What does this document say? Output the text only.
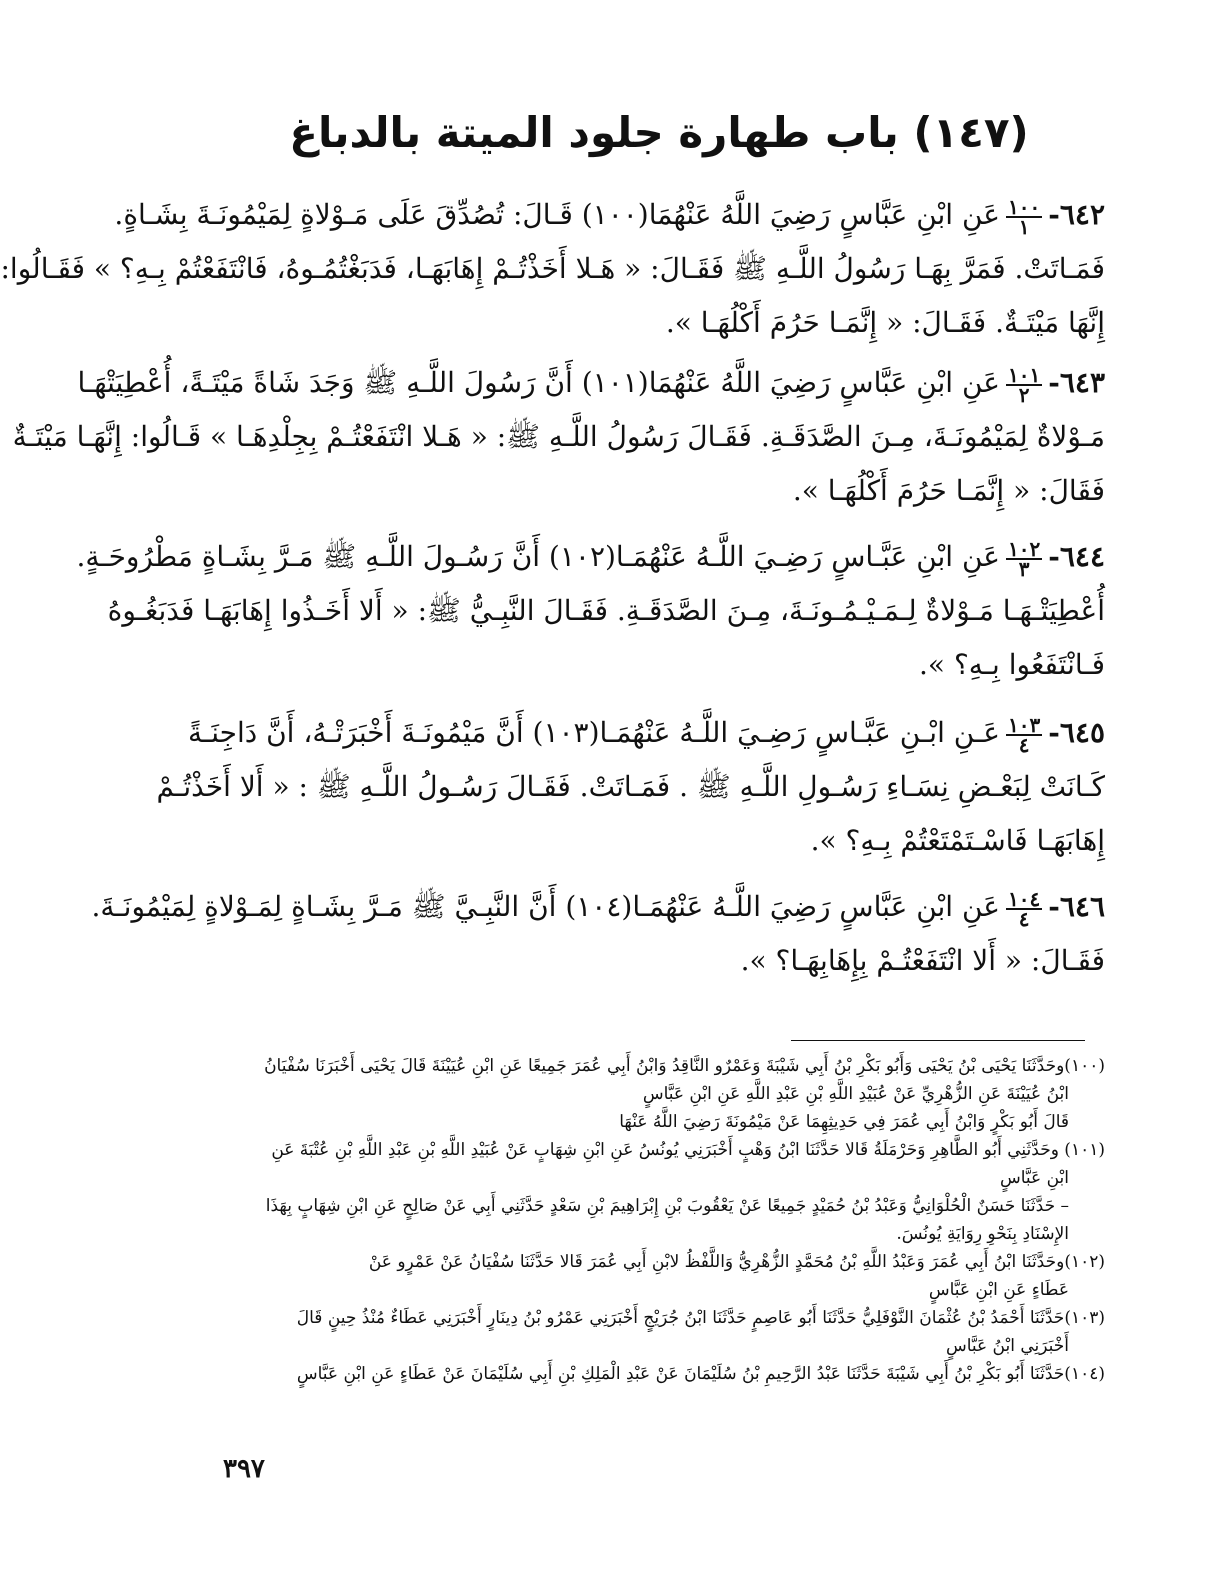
(١٤٧) باب طهارة جلود الميتة بالدباغ
٦٤٢-
$\frac{١٠٠}{١}$
عَنِ ابْنِ عَبَّاسٍ رَضِيَ اللَّهُ عَنْهُمَا(١٠٠) قَـالَ: تُصُدِّقَ عَلَى مَـوْلاةٍ لِمَيْمُونَـةَ بِشَـاةٍ.
فَمَـاتَتْ. فَمَرَّ بِهَـا رَسُولُ اللَّـهِ ﷺ فَقَـالَ: « هَـلا أَخَذْتُـمْ إِهَابَهَـا، فَدَبَغْتُمُـوهُ، فَانْتَفَعْتُمْ بِـهِ؟ » فَقَـالُوا:
إِنَّهَا مَيْتَـةٌ. فَقَـالَ: « إِنَّمَـا حَرُمَ أَكْلُهَـا ».
٦٤٣-
$\frac{١٠١}{٢}$
عَنِ ابْنِ عَبَّاسٍ رَضِيَ اللَّهُ عَنْهُمَا(١٠١) أَنَّ رَسُولَ اللَّـهِ ﷺ وَجَدَ شَاةً مَيْتَـةً، أُعْطِيَتْهَـا
مَـوْلاةٌ لِمَيْمُونَـةَ، مِـنَ الصَّدَقَـةِ. فَقَـالَ رَسُولُ اللَّـهِ ﷺ: « هَـلا انْتَفَعْتُـمْ بِجِلْدِهَـا » قَـالُوا: إِنَّهَـا مَيْتَـةٌ
فَقَالَ: « إِنَّمَـا حَرُمَ أَكْلُهَـا ».
٦٤٤-
$\frac{١٠٢}{٣}$
عَنِ ابْنِ عَبَّـاسٍ رَضِـيَ اللَّـهُ عَنْهُمَـا(١٠٢) أَنَّ رَسُـولَ اللَّـهِ ﷺ مَـرَّ بِشَـاةٍ مَطْرُوحَـةٍ.
أُعْطِيَتْـهَـا مَـوْلاةٌ لِـمَـيْـمُـونَـةَ، مِـنَ الصَّدَقَـةِ. فَقَـالَ النَّبِـيُّ ﷺ: « أَلا أَخَـذُوا إِهَابَهَـا فَدَبَغُـوهُ
فَـانْتَفَعُوا بِـهِ؟ ».
٦٤٥-
$\frac{١٠٣}{٤}$
عَـنِ ابْـنِ عَبَّـاسٍ رَضِـيَ اللَّـهُ عَنْهُمَـا(١٠٣) أَنَّ مَيْمُونَـةَ أَخْبَرَتْـهُ، أَنَّ دَاجِنَـةً
كَـانَتْ لِبَعْـضِ نِسَـاءِ رَسُـولِ اللَّـهِ ﷺ . فَمَـاتَتْ. فَقَـالَ رَسُـولُ اللَّـهِ ﷺ : « أَلا أَخَذْتُـمْ
إِهَابَهَـا فَاسْـتَمْتَعْتُمْ بِـهِ؟ ».
٦٤٦-
$\frac{١٠٤}{٤}$
عَنِ ابْنِ عَبَّاسٍ رَضِيَ اللَّـهُ عَنْهُمَـا(١٠٤) أَنَّ النَّبِـيَّ ﷺ مَـرَّ بِشَـاةٍ لِمَـوْلاةٍ لِمَيْمُونَـةَ.
فَقَـالَ: « أَلا انْتَفَعْتُـمْ بِإِهَابِهَـا؟ ».
(١٠٠)وحَدَّثَنَا يَحْيَى بْنُ يَحْيَى وَأَبُو بَكْرِ بْنُ أَبِي شَيْبَةَ وَعَمْرٌو النَّاقِدُ وَابْنُ أَبِي عُمَرَ جَمِيعًا عَنِ ابْنِ عُيَيْنَةَ قَالَ يَحْيَى أَخْبَرَنَا سُفْيَانُ
ابْنُ عُيَيْنَةَ عَنِ الزُّهْرِيِّ عَنْ عُبَيْدِ اللَّهِ بْنِ عَبْدِ اللَّهِ عَنِ ابْنِ عَبَّاسٍ
قَالَ أَبُو بَكْرٍ وَابْنُ أَبِي عُمَرَ فِي حَدِيثِهِمَا عَنْ مَيْمُونَةَ رَضِيَ اللَّهُ عَنْهَا
(١٠١) وحَدَّثَنِي أَبُو الطَّاهِرِ وَحَرْمَلَةُ قَالا حَدَّثَنَا ابْنُ وَهْبٍ أَخْبَرَنِي يُونُسُ عَنِ ابْنِ شِهَابٍ عَنْ عُبَيْدِ اللَّهِ بْنِ عَبْدِ اللَّهِ بْنِ عُتْبَةَ عَنِ
ابْنِ عَبَّاسٍ
– حَدَّثَنَا حَسَنٌ الْحُلْوَانِيُّ وَعَبْدُ بْنُ حُمَيْدٍ جَمِيعًا عَنْ يَعْقُوبَ بْنِ إِبْرَاهِيمَ بْنِ سَعْدٍ حَدَّثَنِي أَبِي عَنْ صَالِحٍ عَنِ ابْنِ شِهَابٍ بِهَذَا
الإِسْنَادِ بِنَحْوِ رِوَايَةِ يُونُسَ.
(١٠٢)وحَدَّثَنَا ابْنُ أَبِي عُمَرَ وَعَبْدُ اللَّهِ بْنُ مُحَمَّدٍ الزُّهْرِيُّ وَاللَّفْظُ لابْنِ أَبِي عُمَرَ قَالا حَدَّثَنَا سُفْيَانُ عَنْ عَمْرٍو عَنْ
عَطَاءٍ عَنِ ابْنِ عَبَّاسٍ
(١٠٣)حَدَّثَنَا أَحْمَدُ بْنُ عُثْمَانَ النَّوْفَلِيُّ حَدَّثَنَا أَبُو عَاصِمٍ حَدَّثَنَا ابْنُ جُرَيْجٍ أَخْبَرَنِي عَمْرُو بْنُ دِينَارٍ أَخْبَرَنِي عَطَاءٌ مُنْذُ حِينٍ قَالَ
أَخْبَرَنِي ابْنُ عَبَّاسٍ
(١٠٤)حَدَّثَنَا أَبُو بَكْرِ بْنُ أَبِي شَيْبَةَ حَدَّثَنَا عَبْدُ الرَّحِيمِ بْنُ سُلَيْمَانَ عَنْ عَبْدِ الْمَلِكِ بْنِ أَبِي سُلَيْمَانَ عَنْ عَطَاءٍ عَنِ ابْنِ عَبَّاسٍ
٣٩٧
